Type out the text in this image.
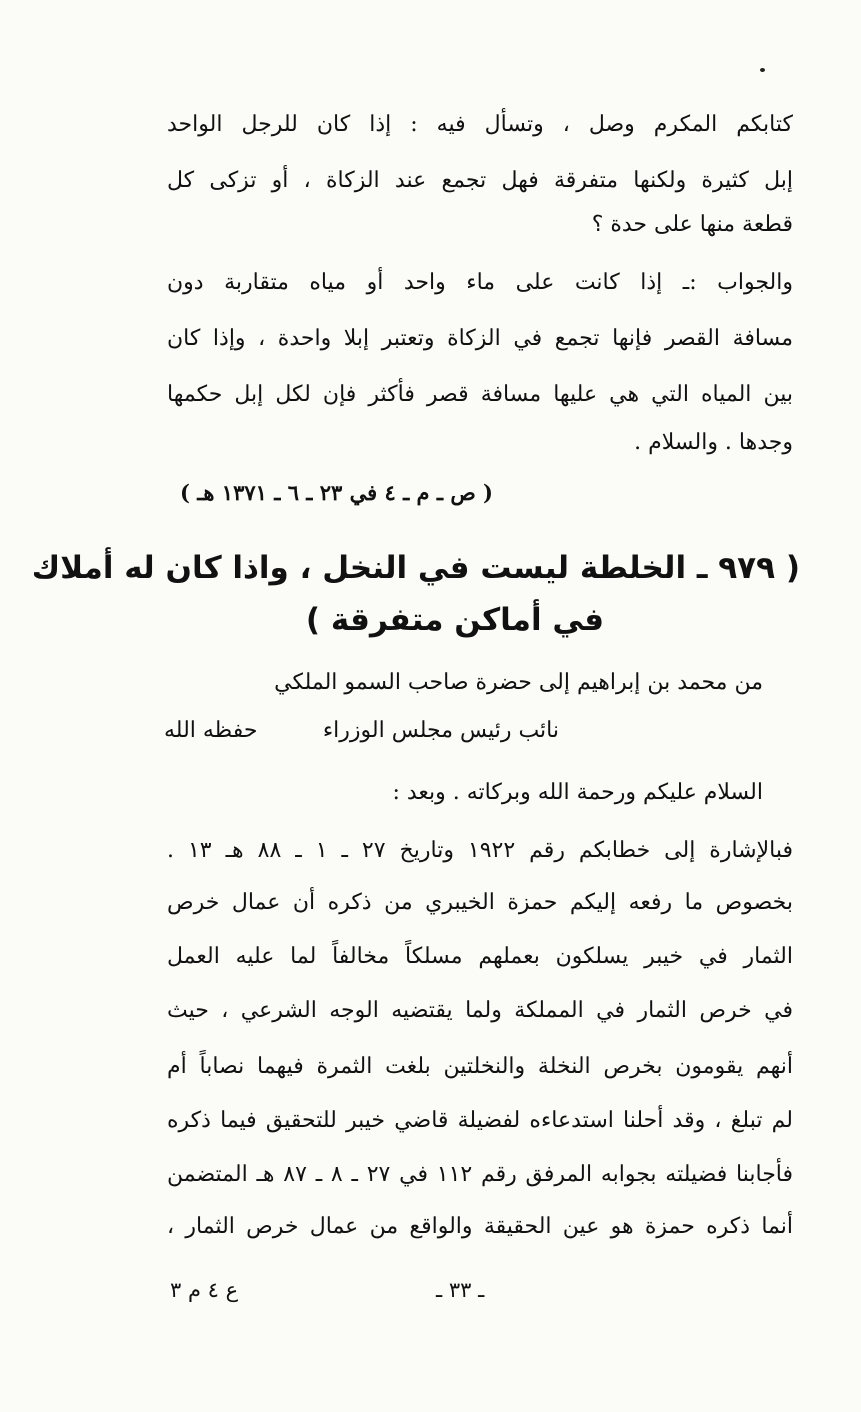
كتابكم المكرم وصل ، وتسأل فيه : إذا كان للرجل الواحد
إبل كثيرة ولكنها متفرقة فهل تجمع عند الزكاة ، أو تزكى كل
قطعة منها على حدة ؟
والجواب :ـ إذا كانت على ماء واحد أو مياه متقاربة دون
مسافة القصر فإنها تجمع في الزكاة وتعتبر إبلا واحدة ، وإذا كان
بين المياه التي هي عليها مسافة قصر فأكثر فإن لكل إبل حكمها
وجدها . والسلام .
( ص ـ م ـ ٤ في ٢٣ ـ ٦ ـ ١٣٧١ هـ )
( ٩٧٩ ـ الخلطة ليست في النخل ، واذا كان له أملاك
في أماكن متفرقة )
من محمد بن إبراهيم إلى حضرة صاحب السمو الملكي
نائب رئيس مجلس الوزراء
حفظه الله
السلام عليكم ورحمة الله وبركاته . وبعد :
فبالإشارة إلى خطابكم رقم ١٩٢٢ وتاريخ ٢٧ ـ ١ ـ ٨٨ هـ ١٣ .
بخصوص ما رفعه إليكم حمزة الخيبري من ذكره أن عمال خرص
الثمار في خيبر يسلكون بعملهم مسلكاً مخالفاً لما عليه العمل
في خرص الثمار في المملكة ولما يقتضيه الوجه الشرعي ، حيث
أنهم يقومون بخرص النخلة والنخلتين بلغت الثمرة فيهما نصاباً أم
لم تبلغ ، وقد أحلنا استدعاءه لفضيلة قاضي خيبر للتحقيق فيما ذكره
فأجابنا فضيلته بجوابه المرفق رقم ١١٢ في ٢٧ ـ ٨ ـ ٨٧ هـ المتضمن
أنما ذكره حمزة هو عين الحقيقة والواقع من عمال خرص الثمار ،
ع ٤ م ٣	ـ ٣٣ ـ
